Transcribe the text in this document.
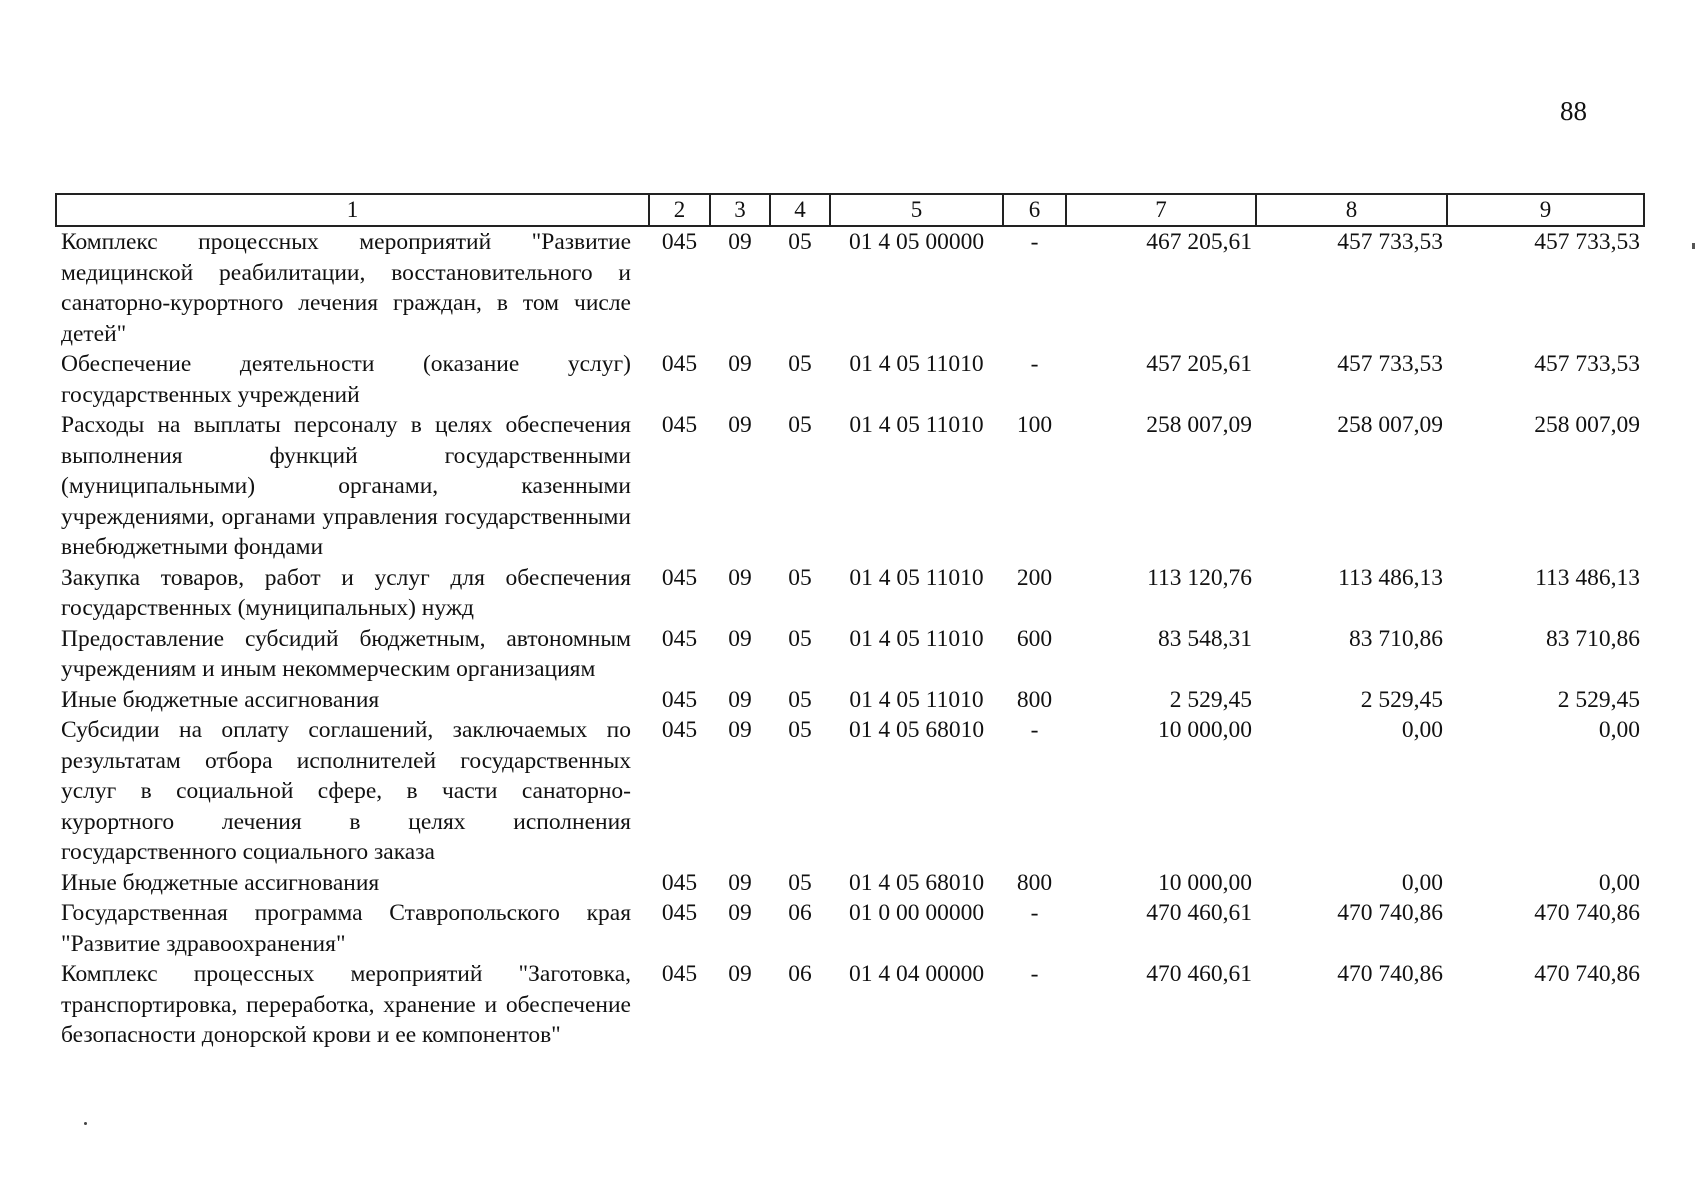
88
1	2	3	4	5	6	7	8	9
Комплекс процессных мероприятий "Развитие медицинской реабилитации, восстановительного и санаторно-курортного лечения граждан, в том числе детей"	045	09	05	01 4 05 00000	-	467 205,61	457 733,53	457 733,53
Обеспечение деятельности (оказание услуг) государственных учреждений	045	09	05	01 4 05 11010	-	457 205,61	457 733,53	457 733,53
Расходы на выплаты персоналу в целях обеспечения выполнения функций государственными (муниципальными) органами, казенными учреждениями, органами управления государственными внебюджетными фондами	045	09	05	01 4 05 11010	100	258 007,09	258 007,09	258 007,09
Закупка товаров, работ и услуг для обеспечения государственных (муниципальных) нужд	045	09	05	01 4 05 11010	200	113 120,76	113 486,13	113 486,13
Предоставление субсидий бюджетным, автономным учреждениям и иным некоммерческим организациям	045	09	05	01 4 05 11010	600	83 548,31	83 710,86	83 710,86
Иные бюджетные ассигнования	045	09	05	01 4 05 11010	800	2 529,45	2 529,45	2 529,45
Субсидии на оплату соглашений, заключаемых по результатам отбора исполнителей государственных услуг в социальной сфере, в части санаторно-курортного лечения в целях исполнения государственного социального заказа	045	09	05	01 4 05 68010	-	10 000,00	0,00	0,00
Иные бюджетные ассигнования	045	09	05	01 4 05 68010	800	10 000,00	0,00	0,00
Государственная программа Ставропольского края "Развитие здравоохранения"	045	09	06	01 0 00 00000	-	470 460,61	470 740,86	470 740,86
Комплекс процессных мероприятий "Заготовка, транспортировка, переработка, хранение и обеспечение безопасности донорской крови и ее компонентов"	045	09	06	01 4 04 00000	-	470 460,61	470 740,86	470 740,86
